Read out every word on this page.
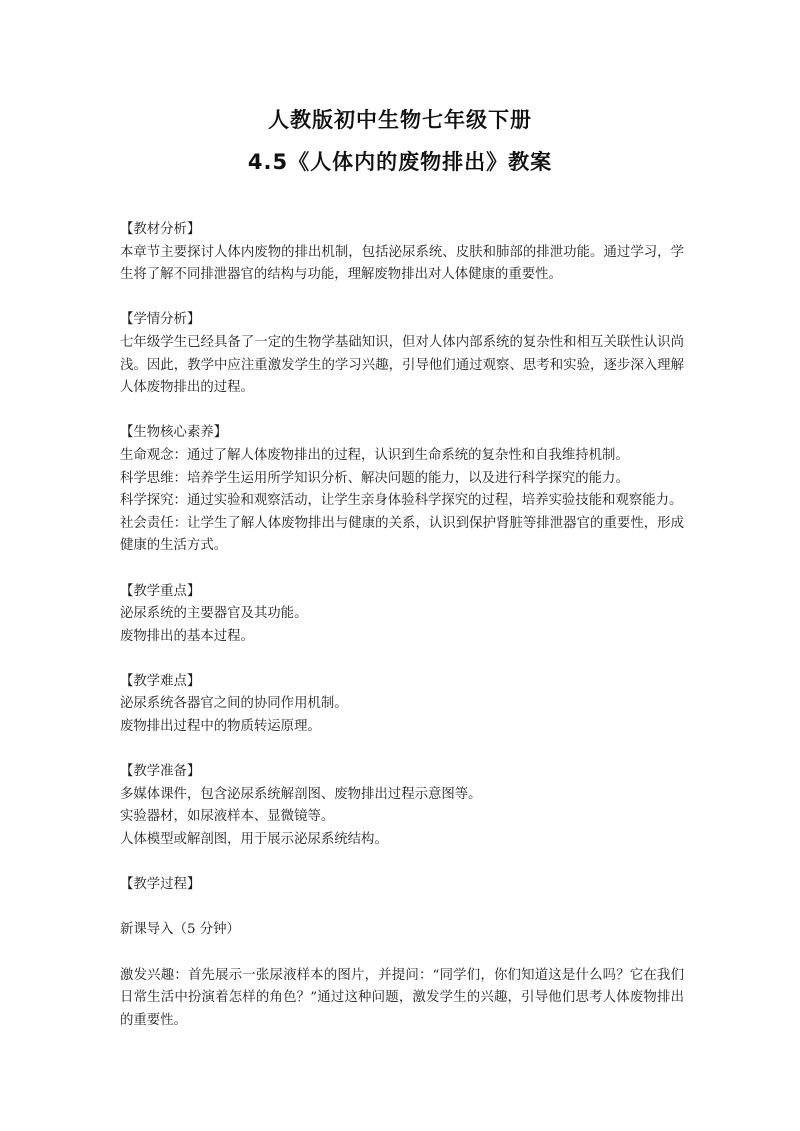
人教版初中生物七年级下册
4.5《人体内的废物排出》教案
【教材分析】
本章节主要探讨人体内废物的排出机制，包括泌尿系统、皮肤和肺部的排泄功能。通过学习，学生将了解不同排泄器官的结构与功能，理解废物排出对人体健康的重要性。
【学情分析】
七年级学生已经具备了一定的生物学基础知识，但对人体内部系统的复杂性和相互关联性认识尚浅。因此，教学中应注重激发学生的学习兴趣，引导他们通过观察、思考和实验，逐步深入理解人体废物排出的过程。
【生物核心素养】
生命观念：通过了解人体废物排出的过程，认识到生命系统的复杂性和自我维持机制。
科学思维：培养学生运用所学知识分析、解决问题的能力，以及进行科学探究的能力。
科学探究：通过实验和观察活动，让学生亲身体验科学探究的过程，培养实验技能和观察能力。
社会责任：让学生了解人体废物排出与健康的关系，认识到保护肾脏等排泄器官的重要性，形成健康的生活方式。
【教学重点】
泌尿系统的主要器官及其功能。
废物排出的基本过程。
【教学难点】
泌尿系统各器官之间的协同作用机制。
废物排出过程中的物质转运原理。
【教学准备】
多媒体课件，包含泌尿系统解剖图、废物排出过程示意图等。
实验器材，如尿液样本、显微镜等。
人体模型或解剖图，用于展示泌尿系统结构。
【教学过程】
新课导入（5 分钟）
激发兴趣：首先展示一张尿液样本的图片，并提问：“同学们，你们知道这是什么吗？它在我们日常生活中扮演着怎样的角色？”通过这种问题，激发学生的兴趣，引导他们思考人体废物排出的重要性。
